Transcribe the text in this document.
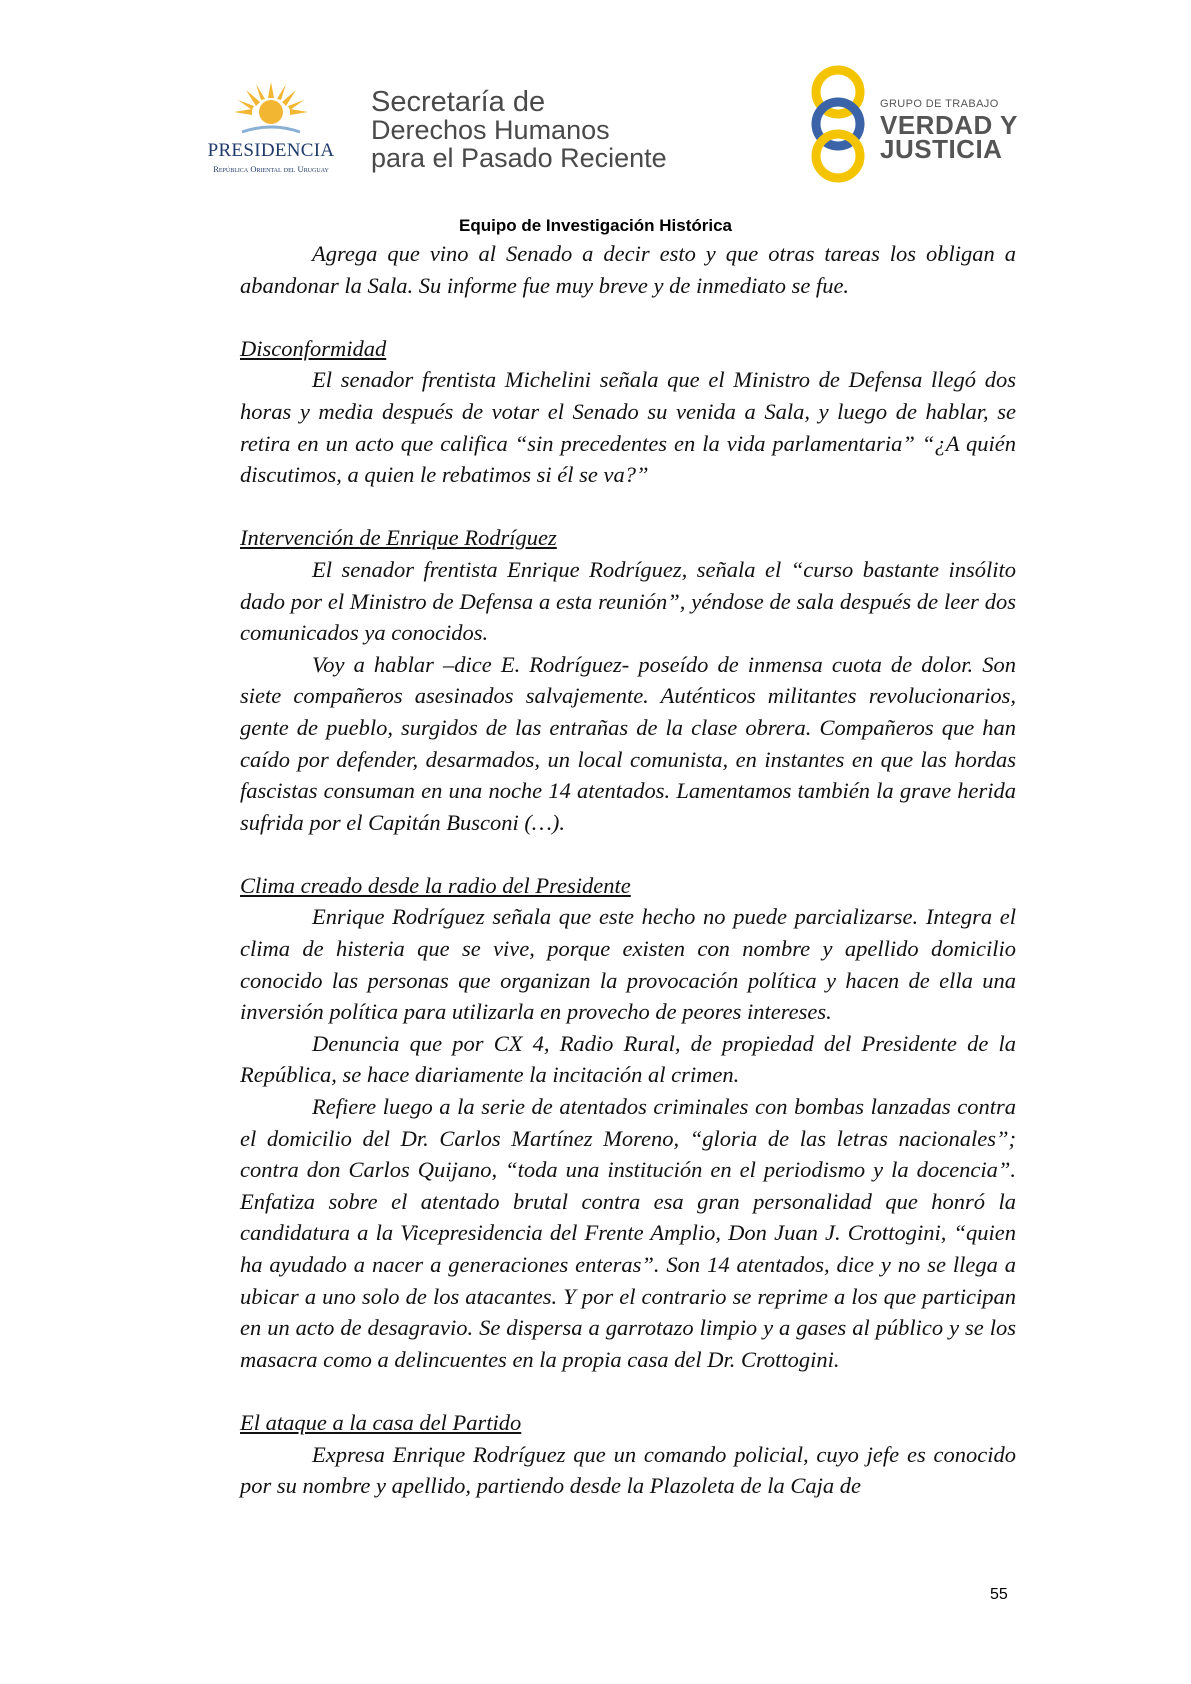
PRESIDENCIA
República Oriental del Uruguay
Secretaría de
Derechos Humanos
para el Pasado Reciente
GRUPO DE TRABAJO
VERDAD Y
JUSTICIA
Equipo de Investigación Histórica

Agrega que vino al Senado a decir esto y que otras tareas los obligan a abandonar la Sala. Su informe fue muy breve y de inmediato se fue.

Disconformidad

El senador frentista Michelini señala que el Ministro de Defensa llegó dos horas y media después de votar el Senado su venida a Sala, y luego de hablar, se retira en un acto que califica “sin precedentes en la vida parlamentaria” “¿A quién discutimos, a quien le rebatimos si él se va?”

Intervención de Enrique Rodríguez

El senador frentista Enrique Rodríguez, señala el “curso bastante insólito dado por el Ministro de Defensa a esta reunión”, yéndose de sala después de leer dos comunicados ya conocidos.

Voy a hablar –dice E. Rodríguez- poseído de inmensa cuota de dolor. Son siete compañeros asesinados salvajemente. Auténticos militantes revolucionarios, gente de pueblo, surgidos de las entrañas de la clase obrera. Compañeros que han caído por defender, desarmados, un local comunista, en instantes en que las hordas fascistas consuman en una noche 14 atentados. Lamentamos también la grave herida sufrida por el Capitán Busconi (…).

Clima creado desde la radio del Presidente

Enrique Rodríguez señala que este hecho no puede parcializarse. Integra el clima de histeria que se vive, porque existen con nombre y apellido domicilio conocido las personas que organizan la provocación política y hacen de ella una inversión política para utilizarla en provecho de peores intereses.

Denuncia que por CX 4, Radio Rural, de propiedad del Presidente de la República, se hace diariamente la incitación al crimen.

Refiere luego a la serie de atentados criminales con bombas lanzadas contra el domicilio del Dr. Carlos Martínez Moreno, “gloria de las letras nacionales”; contra don Carlos Quijano, “toda una institución en el periodismo y la docencia”. Enfatiza sobre el atentado brutal contra esa gran personalidad que honró la candidatura a la Vicepresidencia del Frente Amplio, Don Juan J. Crottogini, “quien ha ayudado a nacer a generaciones enteras”. Son 14 atentados, dice y no se llega a ubicar a uno solo de los atacantes. Y por el contrario se reprime a los que participan en un acto de desagravio. Se dispersa a garrotazo limpio y a gases al público y se los masacra como a delincuentes en la propia casa del Dr. Crottogini.

El ataque a la casa del Partido

Expresa Enrique Rodríguez que un comando policial, cuyo jefe es conocido por su nombre y apellido, partiendo desde la Plazoleta de la Caja de

55
